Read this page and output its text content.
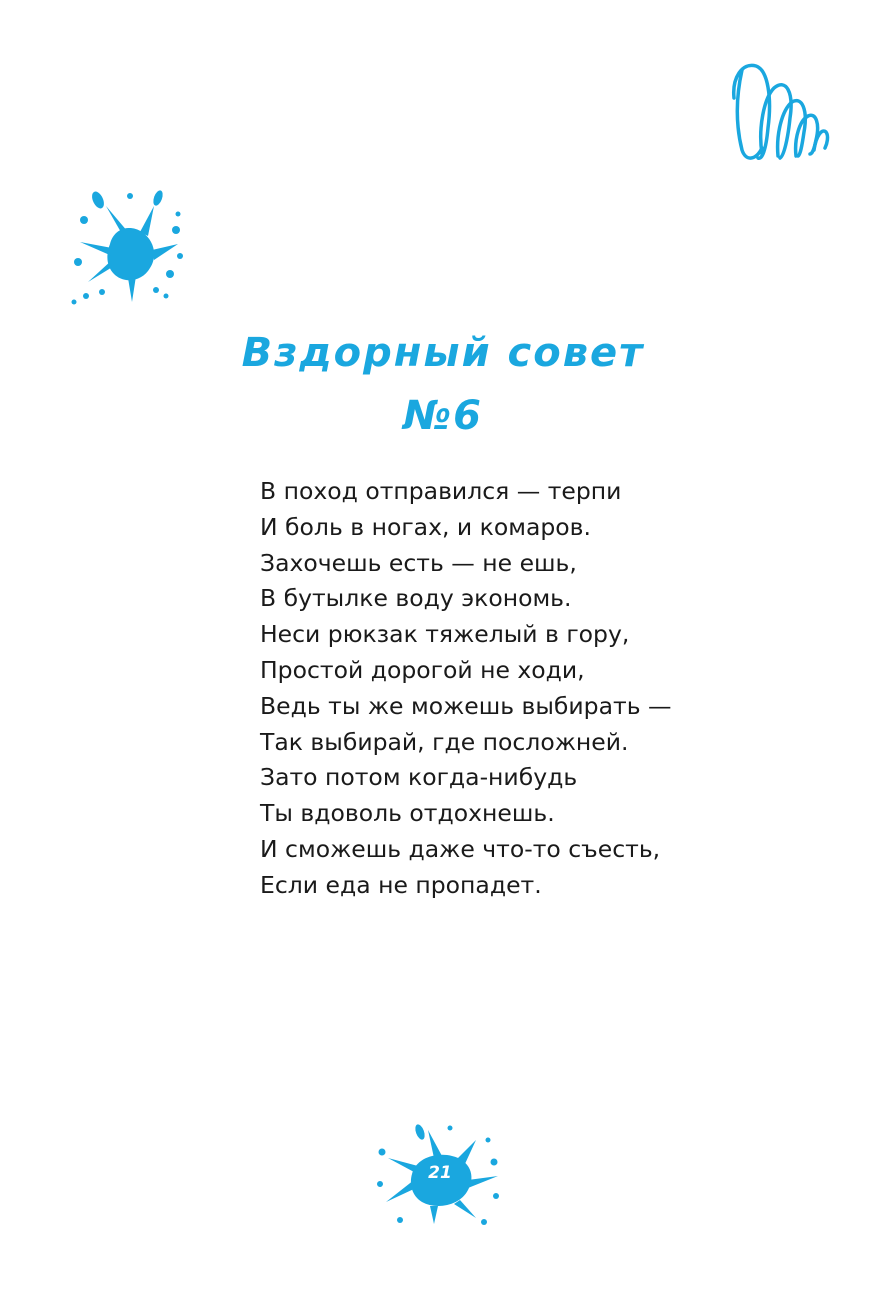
Вздорный совет
№6
В поход отправился — терпи
И боль в ногах, и комаров.
Захочешь есть — не ешь,
В бутылке воду экономь.
Неси рюкзак тяжелый в гору,
Простой дорогой не ходи,
Ведь ты же можешь выбирать —
Так выбирай, где посложней.
Зато потом когда-нибудь
Ты вдоволь отдохнешь.
И сможешь даже что-то съесть,
Если еда не пропадет.
21
